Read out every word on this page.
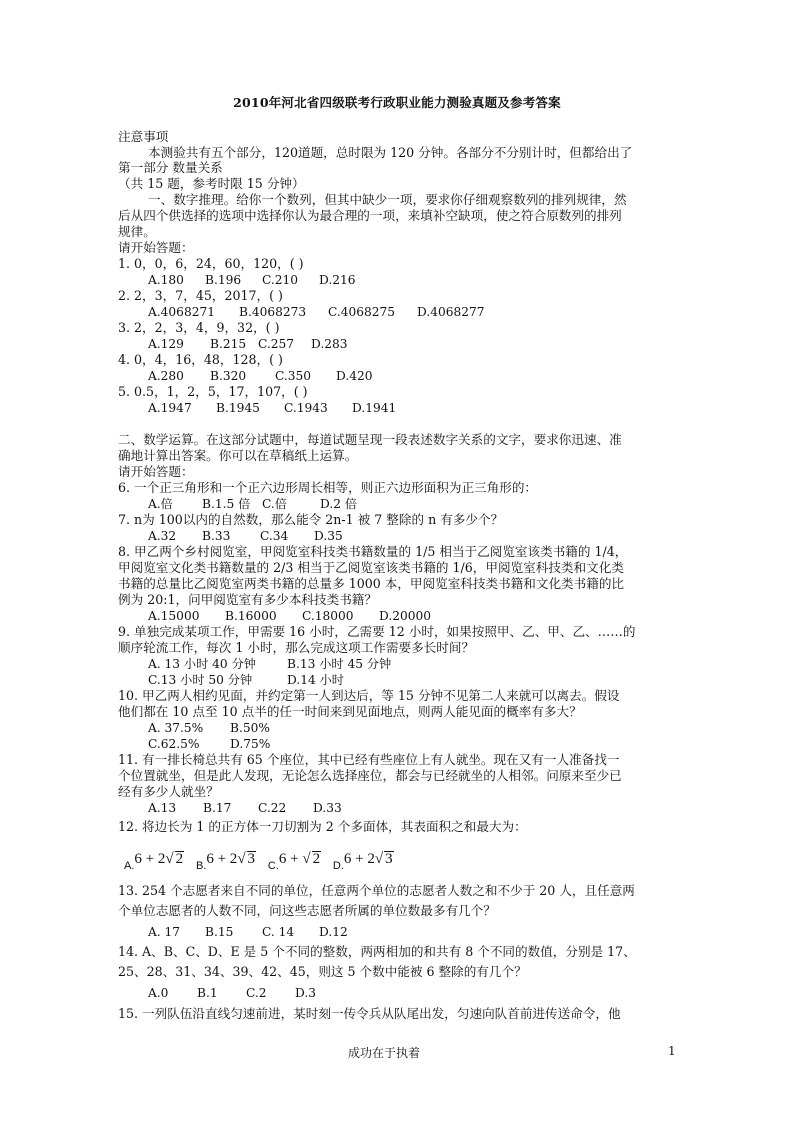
2010年河北省四级联考行政职业能力测验真题及参考答案
注意事项
本测验共有五个部分，120道题，总时限为 120 分钟。各部分不分别计时，但都给出了
第一部分 数量关系
（共 15 题，参考时限 15 分钟）
一、数字推理。给你一个数列，但其中缺少一项，要求你仔细观察数列的排列规律，然
后从四个供选择的选项中选择你认为最合理的一项，来填补空缺项，使之符合原数列的排列
规律。
请开始答题：
1. 0，0，6，24，60，120，( )
A.180 B.196 C.210 D.216
2. 2，3，7，45，2017，( )
A.4068271 B.4068273 C.4068275 D.4068277
3. 2，2，3，4，9，32，( )
A.129 B.215 C.257 D.283
4. 0，4，16，48，128，( )
A.280 B.320 C.350 D.420
5. 0.5，1，2，5，17，107，( )
A.1947 B.1945 C.1943 D.1941
二、数学运算。在这部分试题中，每道试题呈现一段表述数字关系的文字，要求你迅速、准
确地计算出答案。你可以在草稿纸上运算。
请开始答题：
6. 一个正三角形和一个正六边形周长相等，则正六边形面积为正三角形的：
A.倍 B.1.5 倍 C.倍	D.2 倍
7. n为 100以内的自然数，那么能令 2n-1 被 7 整除的 n 有多少个？
A.32 B.33 C.34 D.35
8. 甲乙两个乡村阅览室，甲阅览室科技类书籍数量的 1/5 相当于乙阅览室该类书籍的 1/4，
甲阅览室文化类书籍数量的 2/3 相当于乙阅览室该类书籍的 1/6，甲阅览室科技类和文化类
书籍的总量比乙阅览室两类书籍的总量多 1000 本，甲阅览室科技类书籍和文化类书籍的比
例为 20:1，问甲阅览室有多少本科技类书籍？
A.15000 B.16000 C.18000 D.20000
9. 单独完成某项工作，甲需要 16 小时，乙需要 12 小时，如果按照甲、乙、甲、乙、……的
顺序轮流工作，每次 1 小时，那么完成这项工作需要多长时间？
A. 13 小时 40 分钟	B.13 小时 45 分钟
C.13 小时 50 分钟	D.14 小时
10. 甲乙两人相约见面，并约定第一人到达后，等 15 分钟不见第二人来就可以离去。假设
他们都在 10 点至 10 点半的任一时间来到见面地点，则两人能见面的概率有多大？
A. 37.5% B.50%
C.62.5%	D.75%
11. 有一排长椅总共有 65 个座位，其中已经有些座位上有人就坐。现在又有一人准备找一
个位置就坐，但是此人发现，无论怎么选择座位，都会与已经就坐的人相邻。问原来至少已
经有多少人就坐？
A.13 B.17 C.22 D.33
12. 将边长为 1 的正方体一刀切割为 2 个多面体，其表面积之和最大为：
A.6 + 2√ 2 B.6 + 2√ 3 C.6 + √ 2 D.6 + 2√ 3
13. 254 个志愿者来自不同的单位，任意两个单位的志愿者人数之和不少于 20 人，且任意两
个单位志愿者的人数不同，问这些志愿者所属的单位数最多有几个？
A. 17 B.15 C. 14 D.12
14. A、B、C、D、E 是 5 个不同的整数，两两相加的和共有 8 个不同的数值，分别是 17、
25、28、31、34、39、42、45，则这 5 个数中能被 6 整除的有几个？
A.0 B.1 C.2 D.3
15. 一列队伍沿直线匀速前进，某时刻一传令兵从队尾出发，匀速向队首前进传送命令，他
成功在于执着	1
